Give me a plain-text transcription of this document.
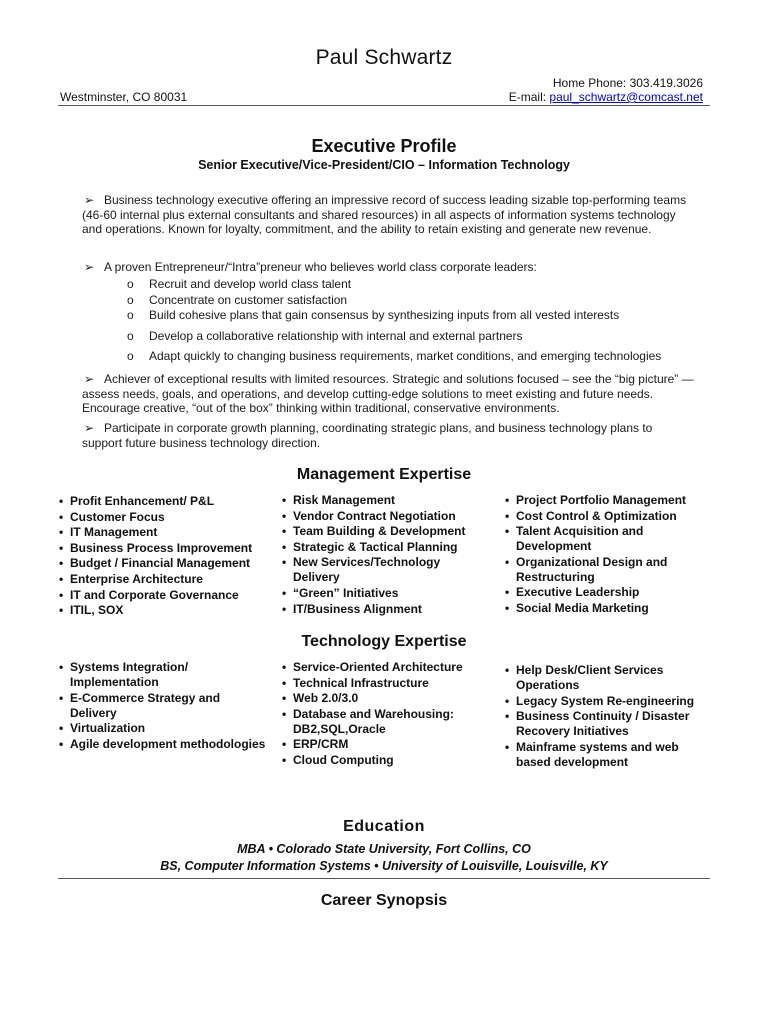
Paul Schwartz
Home Phone: 303.419.3026
E-mail: paul_schwartz@comcast.net
Westminster, CO 80031
Executive Profile
Senior Executive/Vice-President/CIO – Information Technology
➢ Business technology executive offering an impressive record of success leading sizable top-performing teams (46-60 internal plus external consultants and shared resources) in all aspects of information systems technology and operations. Known for loyalty, commitment, and the ability to retain existing and generate new revenue.
➢ A proven Entrepreneur/“Intra”preneur who believes world class corporate leaders:
o Recruit and develop world class talent
o Concentrate on customer satisfaction
o Build cohesive plans that gain consensus by synthesizing inputs from all vested interests
o Develop a collaborative relationship with internal and external partners
o Adapt quickly to changing business requirements, market conditions, and emerging technologies
➢ Achiever of exceptional results with limited resources. Strategic and solutions focused – see the “big picture” — assess needs, goals, and operations, and develop cutting-edge solutions to meet existing and future needs. Encourage creative, “out of the box” thinking within traditional, conservative environments.
➢ Participate in corporate growth planning, coordinating strategic plans, and business technology plans to support future business technology direction.
Management Expertise
• Profit Enhancement/ P&L
• Customer Focus
• IT Management
• Business Process Improvement
• Budget / Financial Management
• Enterprise Architecture
• IT and Corporate Governance
• ITIL, SOX
• Risk Management
• Vendor Contract Negotiation
• Team Building & Development
• Strategic & Tactical Planning
• New Services/Technology Delivery
• “Green” Initiatives
• IT/Business Alignment
• Project Portfolio Management
• Cost Control & Optimization
• Talent Acquisition and Development
• Organizational Design and Restructuring
• Executive Leadership
• Social Media Marketing
Technology Expertise
• Systems Integration/ Implementation
• E-Commerce Strategy and Delivery
• Virtualization
• Agile development methodologies
• Service-Oriented Architecture
• Technical Infrastructure
• Web 2.0/3.0
• Database and Warehousing: DB2,SQL,Oracle
• ERP/CRM
• Cloud Computing
• Help Desk/Client Services Operations
• Legacy System Re-engineering
• Business Continuity / Disaster Recovery Initiatives
• Mainframe systems and web based development
Education
MBA • Colorado State University, Fort Collins, CO
BS, Computer Information Systems • University of Louisville, Louisville, KY
Career Synopsis
